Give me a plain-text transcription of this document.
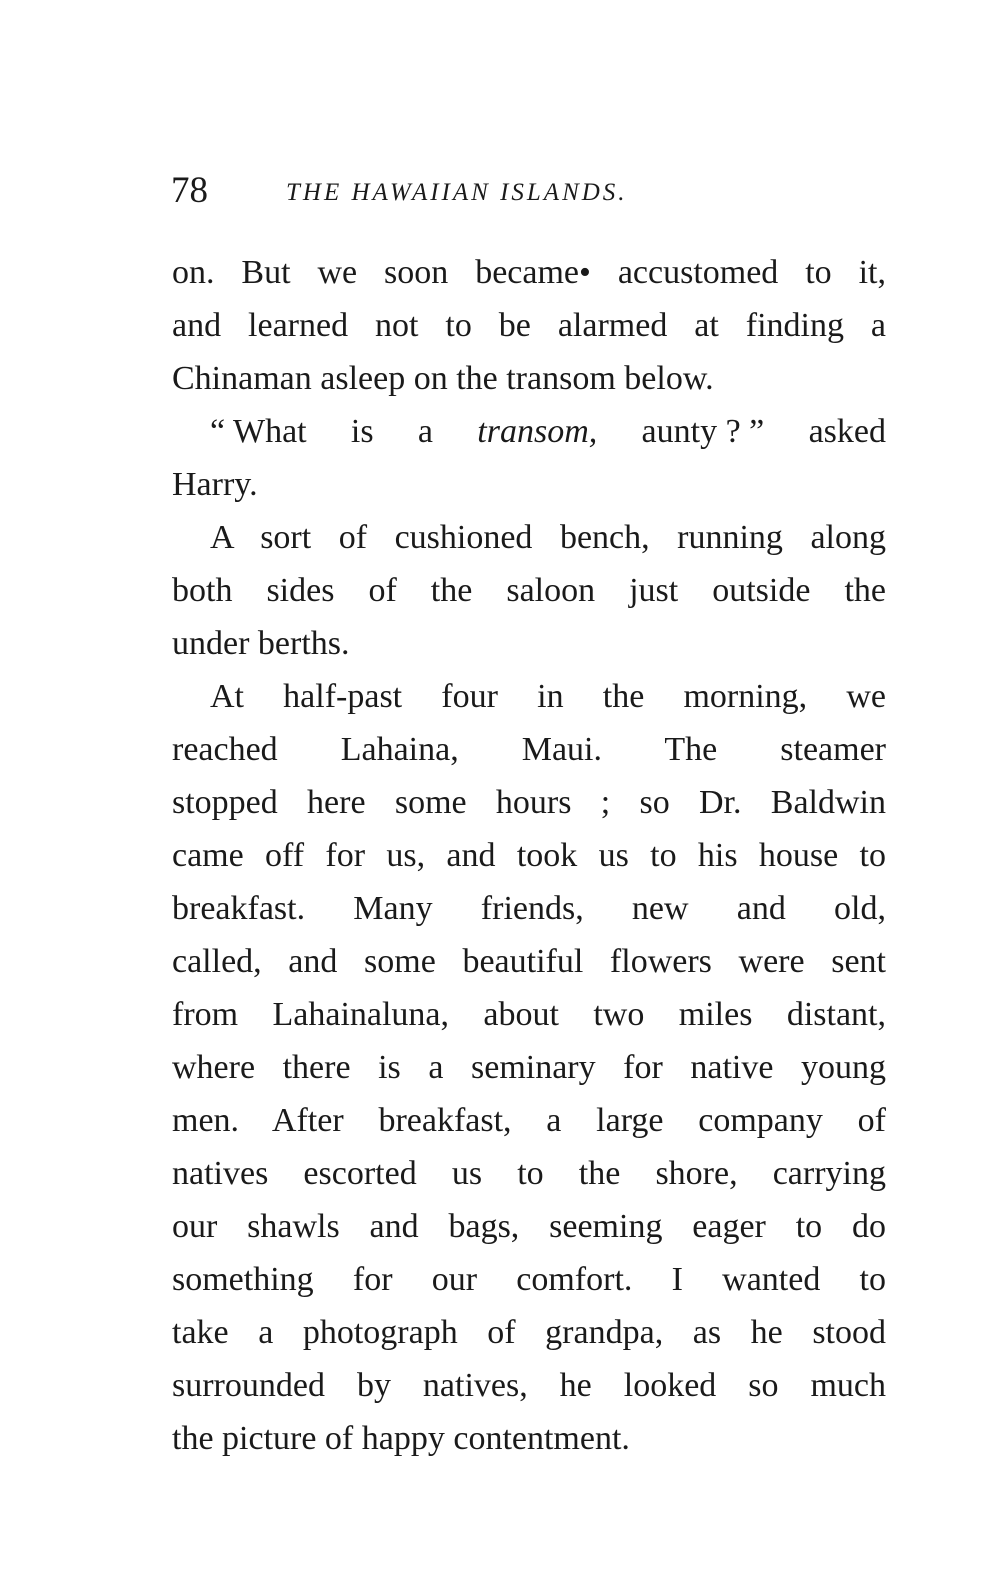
78	THE HAWAIIAN ISLANDS.
on. But we soon became• accustomed to it,
and learned not to be alarmed at finding a
Chinaman asleep on the transom below.
“ What is a transom, aunty ? ” asked
Harry.
A sort of cushioned bench, running along
both sides of the saloon just outside the
under berths.
At half-past four in the morning, we
reached Lahaina, Maui. The steamer
stopped here some hours ; so Dr. Baldwin
came off for us, and took us to his house to
breakfast. Many friends, new and old,
called, and some beautiful flowers were sent
from Lahainaluna, about two miles distant,
where there is a seminary for native young
men. After breakfast, a large company of
natives escorted us to the shore, carrying
our shawls and bags, seeming eager to do
something for our comfort. I wanted to
take a photograph of grandpa, as he stood
surrounded by natives, he looked so much
the picture of happy contentment.
